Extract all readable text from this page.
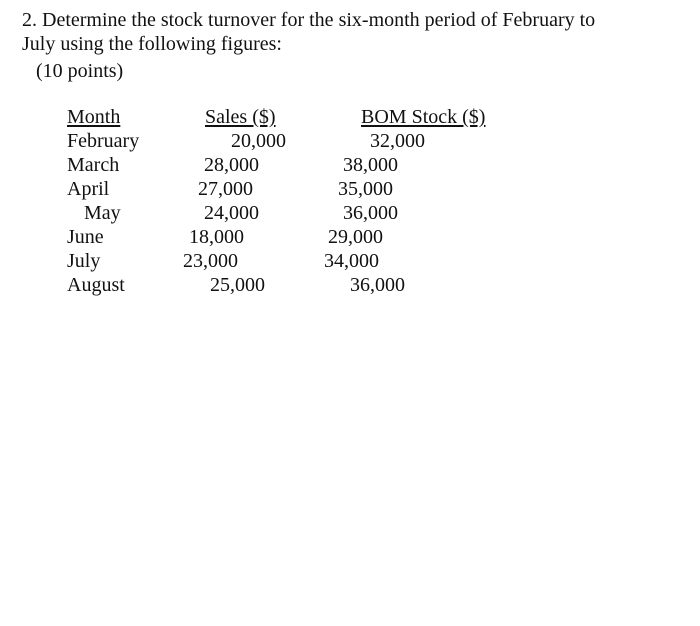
2. Determine the stock turnover for the six-month period of February to
July using the following figures:
(10 points)
Month	Sales ($)	BOM Stock ($)
February	20,000	32,000
March	28,000	38,000
April	27,000	35,000
May	24,000	36,000
June	18,000	29,000
July	23,000	34,000
August	25,000	36,000
